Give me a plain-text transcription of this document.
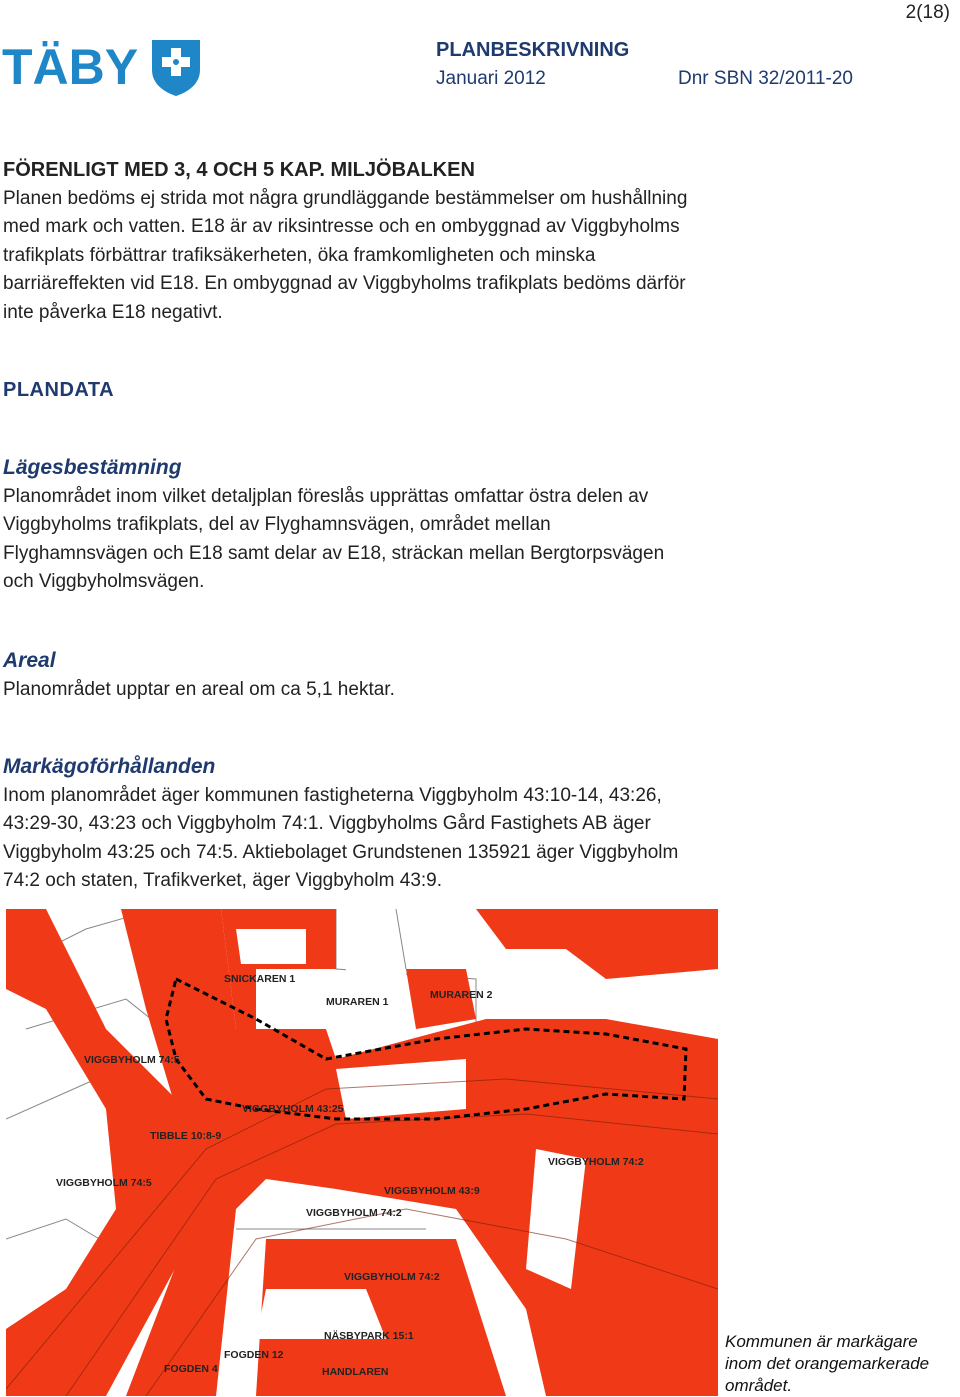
2(18)
TÄBY	PLANBESKRIVNING
Januari 2012	Dnr SBN 32/2011-20
FÖRENLIGT MED 3, 4 OCH 5 KAP. MILJÖBALKEN
Planen bedöms ej strida mot några grundläggande bestämmelser om hushållning
med mark och vatten. E18 är av riksintresse och en ombyggnad av Viggbyholms
trafikplats förbättrar trafiksäkerheten, öka framkomligheten och minska
barriäreffekten vid E18. En ombyggnad av Viggbyholms trafikplats bedöms därför
inte påverka E18 negativt.
PLANDATA
Lägesbestämning
Planområdet inom vilket detaljplan föreslås upprättas omfattar östra delen av
Viggbyholms trafikplats, del av Flyghamnsvägen, området mellan
Flyghamnsvägen och E18 samt delar av E18, sträckan mellan Bergtorpsvägen
och Viggbyholmsvägen.
Areal
Planområdet upptar en areal om ca 5,1 hektar.
Markägoförhållanden
Inom planområdet äger kommunen fastigheterna Viggbyholm 43:10-14, 43:26,
43:29-30, 43:23 och Viggbyholm 74:1. Viggbyholms Gård Fastighets AB äger
Viggbyholm 43:25 och 74:5. Aktiebolaget Grundstenen 135921 äger Viggbyholm
74:2 och staten, Trafikverket, äger Viggbyholm 43:9.
SNICKAREN 1
MURAREN 1
MURAREN 2
VIGGBYHOLM 74:5
VIGGBYHOLM 43:25
TIBBLE 10:8-9
VIGGBYHOLM 74:5
VIGGBYHOLM 74:2
VIGGBYHOLM 43:9
VIGGBYHOLM 74:2
VIGGBYHOLM 74:2
NÄSBYPARK 15:1
FOGDEN 12
FOGDEN 4	HANDLAREN
Kommunen är markägare
inom det orangemarkerade
området.
